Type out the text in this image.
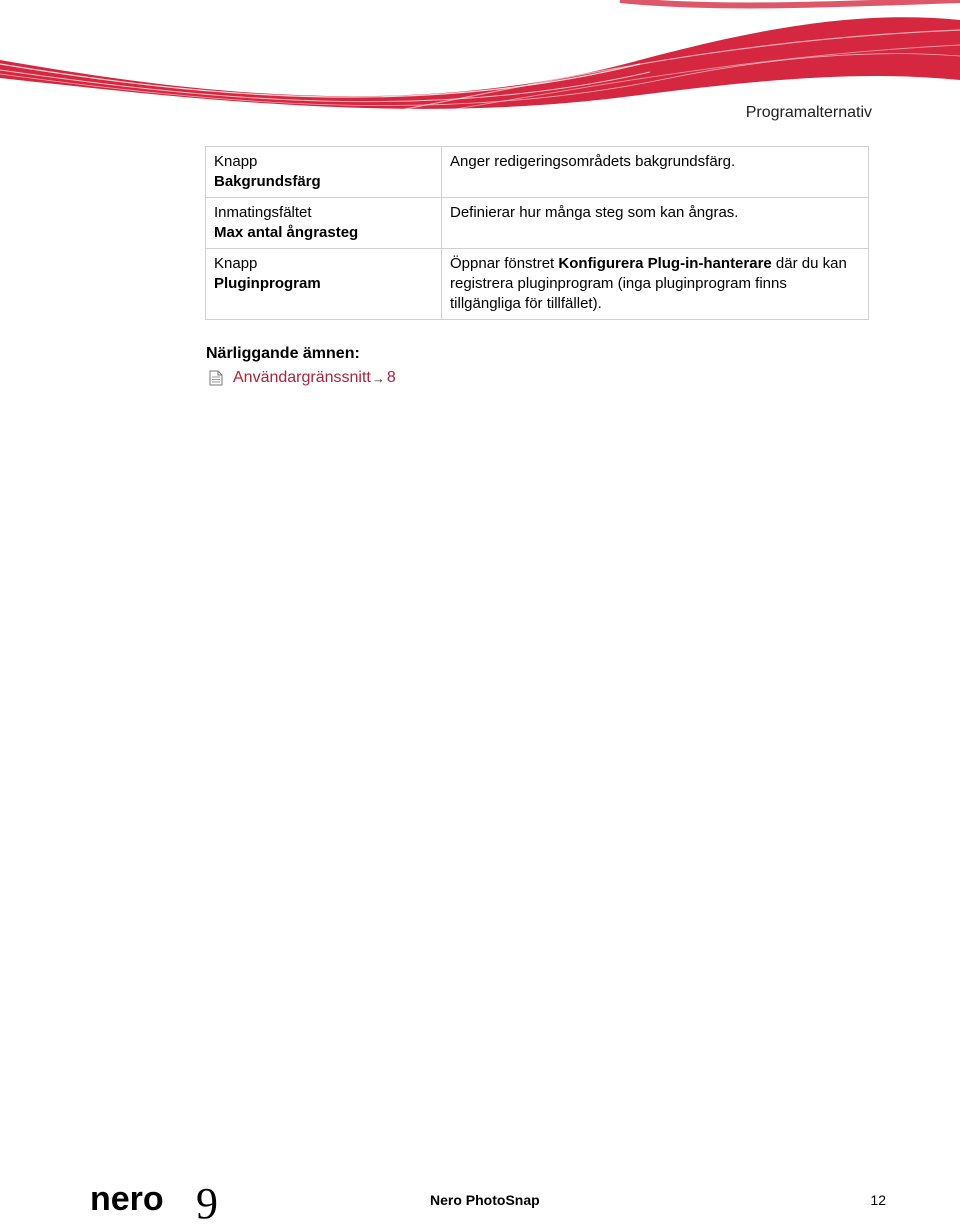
Programalternativ
Knapp
Bakgrundsfärg	Anger redigeringsområdets bakgrundsfärg.

Inmatingsfältet
Max antal ångrasteg	Definierar hur många steg som kan ångras.

Knapp
Pluginprogram	Öppnar fönstret Konfigurera Plug-in-hanterare där du kan registrera pluginprogram (inga pluginprogram finns tillgängliga för tillfället).
Närliggande ämnen:
Användargränssnitt → 8
nero 9	Nero PhotoSnap	12
